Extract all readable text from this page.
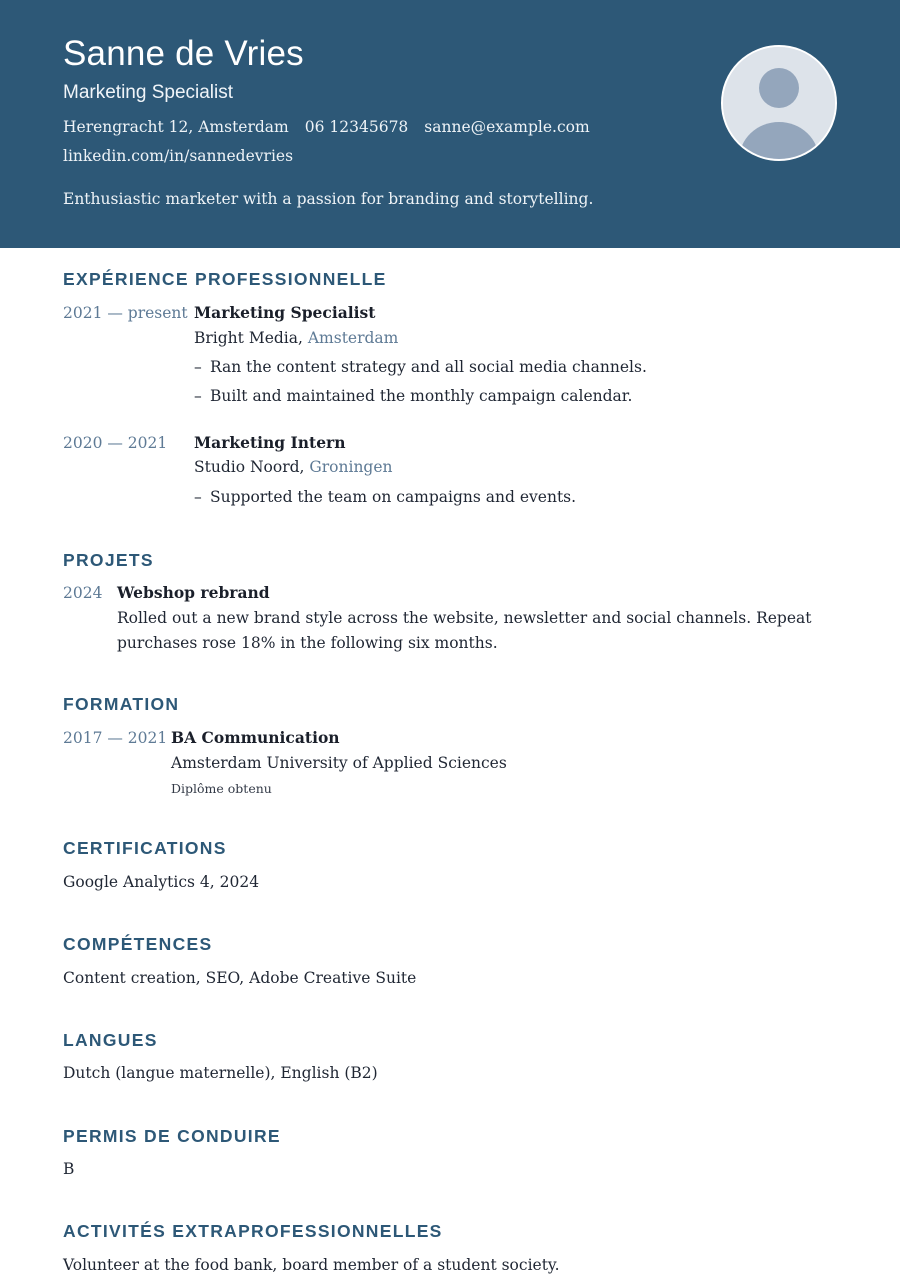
Sanne de Vries
Marketing Specialist
Herengracht 12, Amsterdam 06 12345678 sanne@example.com
linkedin.com/in/sannedevries
Enthusiastic marketer with a passion for branding and storytelling.
EXPÉRIENCE PROFESSIONNELLE
2021 — present Marketing Specialist
Bright Media, Amsterdam
– Ran the content strategy and all social media channels.
– Built and maintained the monthly campaign calendar.
2020 — 2021 Marketing Intern
Studio Noord, Groningen
– Supported the team on campaigns and events.
PROJETS
2024 Webshop rebrand
Rolled out a new brand style across the website, newsletter and social channels. Repeat
purchases rose 18% in the following six months.
FORMATION
2017 — 2021 BA Communication
Amsterdam University of Applied Sciences
Diplôme obtenu
CERTIFICATIONS
Google Analytics 4, 2024
COMPÉTENCES
Content creation, SEO, Adobe Creative Suite
LANGUES
Dutch (langue maternelle), English (B2)
PERMIS DE CONDUIRE
B
ACTIVITÉS EXTRAPROFESSIONNELLES
Volunteer at the food bank, board member of a student society.
